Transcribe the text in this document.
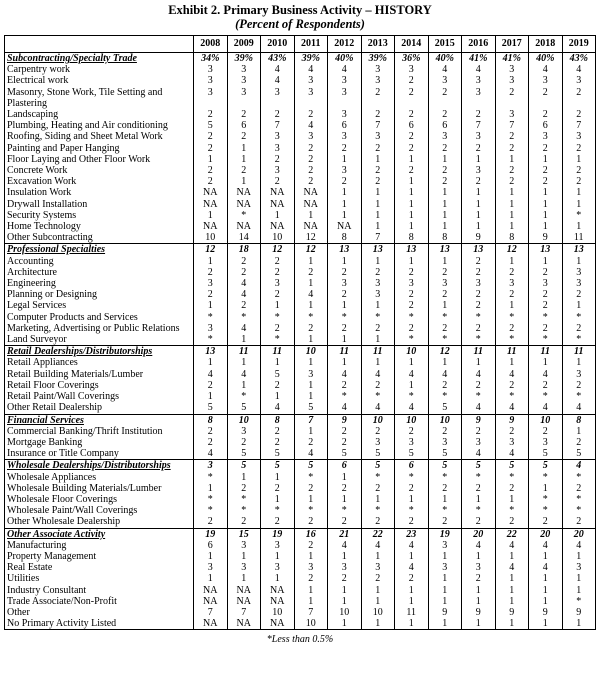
Exhibit 2. Primary Business Activity – HISTORY
(Percent of Respondents)
	2008	2009	2010	2011	2012	2013	2014	2015	2016	2017	2018	2019
Subcontracting/Specialty Trade	34%	39%	43%	39%	40%	39%	36%	40%	41%	41%	40%	43%
Carpentry work	3	3	4	4	4	3	3	4	4	3	4	4
Electrical work	3	3	4	3	3	3	2	3	3	3	3	3
Masonry, Stone Work, Tile Setting and	3	3	3	3	3	2	2	2	3	2	2	2
Plastering												
Landscaping	2	2	2	2	3	2	2	2	2	3	2	2
Plumbing, Heating and Air conditioning	5	6	7	4	6	7	6	6	7	7	6	7
Roofing, Siding and Sheet Metal Work	2	2	3	3	3	3	2	3	3	2	3	3
Painting and Paper Hanging	2	1	3	2	2	2	2	2	2	2	2	2
Floor Laying and Other Floor Work	1	1	2	2	1	1	1	1	1	1	1	1
Concrete Work	2	2	3	2	3	2	2	2	3	2	2	2
Excavation Work	2	1	2	2	2	2	1	2	2	2	2	2
Insulation Work	NA	NA	NA	NA	1	1	1	1	1	1	1	1
Drywall Installation	NA	NA	NA	NA	1	1	1	1	1	1	1	1
Security Systems	1	*	1	1	1	1	1	1	1	1	1	*
Home Technology	NA	NA	NA	NA	NA	1	1	1	1	1	1	1
Other Subcontracting	10	14	10	12	8	7	8	8	9	8	9	11
Professional Specialties	12	18	12	12	13	13	13	13	13	12	13	13
Accounting	1	2	2	1	1	1	1	1	2	1	1	1
Architecture	2	2	2	2	2	2	2	2	2	2	2	3
Engineering	3	4	3	1	3	3	3	3	3	3	3	3
Planning or Designing	2	4	2	4	2	3	2	2	2	2	2	2
Legal Services	1	2	1	1	1	1	2	1	2	1	2	1
Computer Products and Services	*	*	*	*	*	*	*	*	*	*	*	*
Marketing, Advertising or Public Relations	3	4	2	2	2	2	2	2	2	2	2	2
Land Surveyor	*	1	*	1	1	1	*	*	*	*	*	*
Retail Dealerships/Distributorships	13	11	11	10	11	11	10	12	11	11	11	11
Retail Appliances	1	1	1	1	1	1	1	1	1	1	1	1
Retail Building Materials/Lumber	4	4	5	3	4	4	4	4	4	4	4	3
Retail Floor Coverings	2	1	2	1	2	2	1	2	2	2	2	2
Retail Paint/Wall Coverings	1	*	1	1	*	*	*	*	*	*	*	*
Other Retail Dealership	5	5	4	5	4	4	4	5	4	4	4	4
Financial Services	8	10	8	7	9	10	10	10	9	9	10	8
Commercial Banking/Thrift Institution	2	3	2	1	2	2	2	2	2	2	2	1
Mortgage Banking	2	2	2	2	2	3	3	3	3	3	3	2
Insurance or Title Company	4	5	5	4	5	5	5	5	4	4	5	5
Wholesale Dealerships/Distributorships	3	5	5	5	6	5	6	5	5	5	5	4
Wholesale Appliances	*	1	1	*	1	*	*	*	*	*	*	*
Wholesale Building Materials/Lumber	1	2	2	2	2	2	2	2	2	2	1	2
Wholesale Floor Coverings	*	*	1	1	1	1	1	1	1	1	*	*
Wholesale Paint/Wall Coverings	*	*	*	*	*	*	*	*	*	*	*	*
Other Wholesale Dealership	2	2	2	2	2	2	2	2	2	2	2	2
Other Associate Activity	19	15	19	16	21	22	23	19	20	22	20	20
Manufacturing	6	3	3	2	4	4	4	3	4	4	4	4
Property Management	1	1	1	1	1	1	1	1	1	1	1	1
Real Estate	3	3	3	3	3	3	4	3	3	4	4	3
Utilities	1	1	1	2	2	2	2	1	2	1	1	1
Industry Consultant	NA	NA	NA	1	1	1	1	1	1	1	1	1
Trade Associate/Non-Profit	NA	NA	NA	1	1	1	1	1	1	1	1	*
Other	7	7	10	7	10	10	11	9	9	9	9	9
No Primary Activity Listed	NA	NA	NA	10	1	1	1	1	1	1	1	1
*Less than 0.5%
